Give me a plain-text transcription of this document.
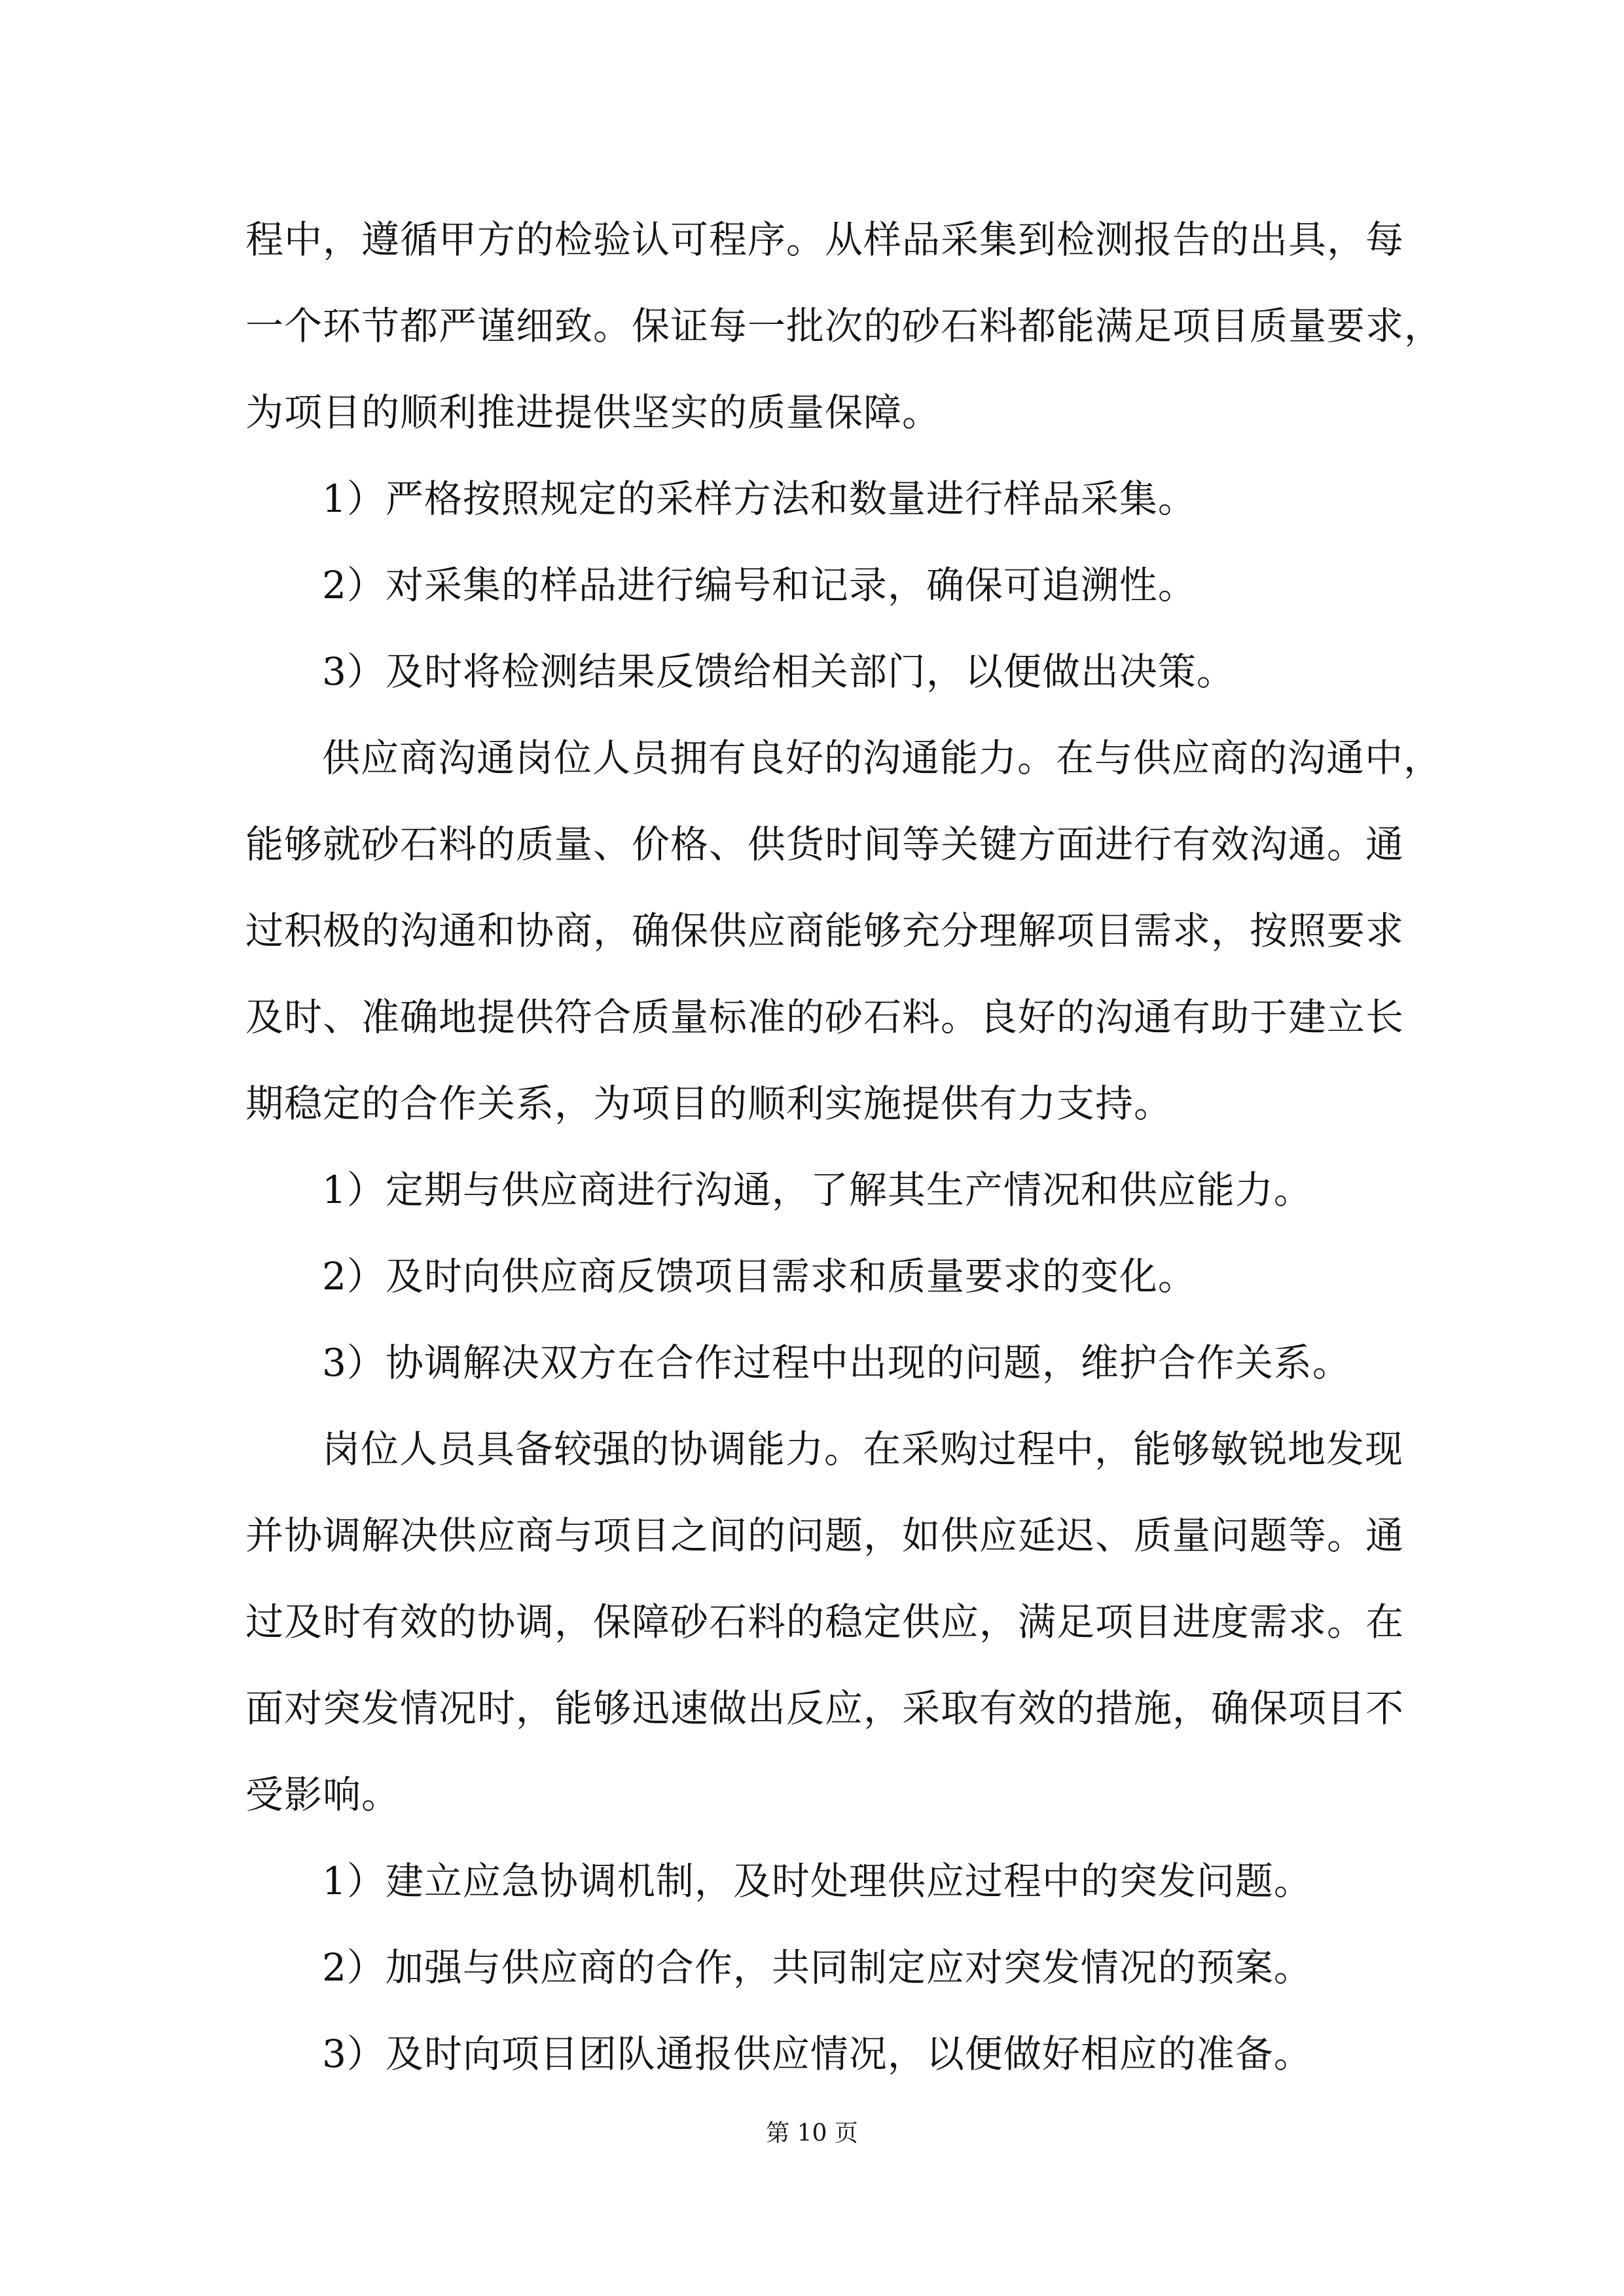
程中，遵循甲方的检验认可程序。从样品采集到检测报告的出具，每
一个环节都严谨细致。保证每一批次的砂石料都能满足项目质量要求，
为项目的顺利推进提供坚实的质量保障。
1）严格按照规定的采样方法和数量进行样品采集。
2）对采集的样品进行编号和记录，确保可追溯性。
3）及时将检测结果反馈给相关部门，以便做出决策。
供应商沟通岗位人员拥有良好的沟通能力。在与供应商的沟通中，
能够就砂石料的质量、价格、供货时间等关键方面进行有效沟通。通
过积极的沟通和协商，确保供应商能够充分理解项目需求，按照要求
及时、准确地提供符合质量标准的砂石料。良好的沟通有助于建立长
期稳定的合作关系，为项目的顺利实施提供有力支持。
1）定期与供应商进行沟通，了解其生产情况和供应能力。
2）及时向供应商反馈项目需求和质量要求的变化。
3）协调解决双方在合作过程中出现的问题，维护合作关系。
岗位人员具备较强的协调能力。在采购过程中，能够敏锐地发现
并协调解决供应商与项目之间的问题，如供应延迟、质量问题等。通
过及时有效的协调，保障砂石料的稳定供应，满足项目进度需求。在
面对突发情况时，能够迅速做出反应，采取有效的措施，确保项目不
受影响。
1）建立应急协调机制，及时处理供应过程中的突发问题。
2）加强与供应商的合作，共同制定应对突发情况的预案。
3）及时向项目团队通报供应情况，以便做好相应的准备。
第 10 页
